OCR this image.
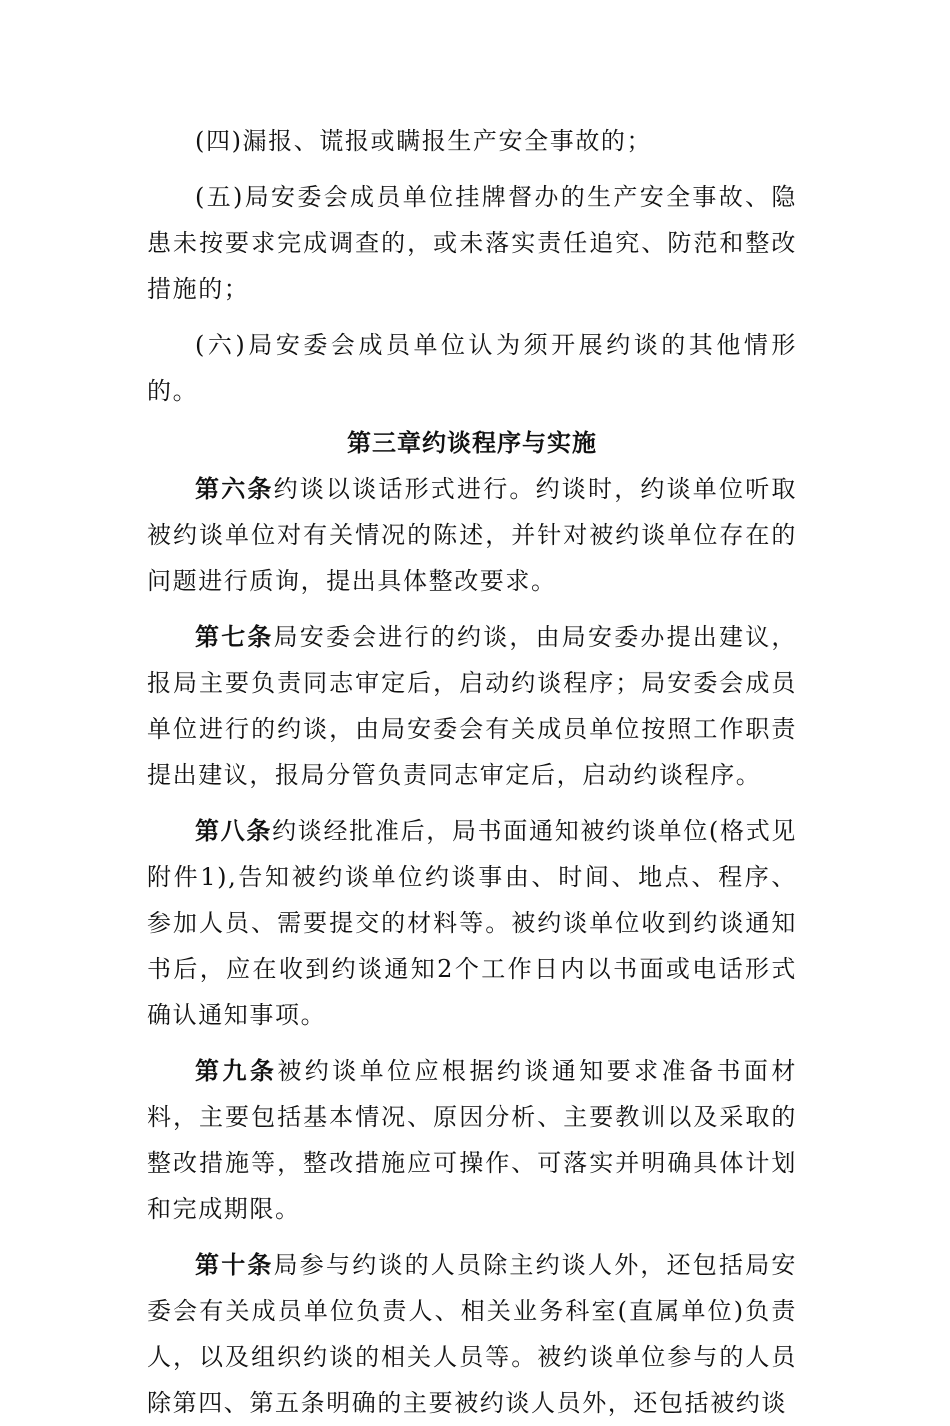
(四)漏报、谎报或瞒报生产安全事故的；

(五)局安委会成员单位挂牌督办的生产安全事故、隐患未按要求完成调查的，或未落实责任追究、防范和整改措施的；

(六)局安委会成员单位认为须开展约谈的其他情形的。

第三章约谈程序与实施

第六条约谈以谈话形式进行。约谈时，约谈单位听取被约谈单位对有关情况的陈述，并针对被约谈单位存在的问题进行质询，提出具体整改要求。

第七条局安委会进行的约谈，由局安委办提出建议，报局主要负责同志审定后，启动约谈程序；局安委会成员单位进行的约谈，由局安委会有关成员单位按照工作职责提出建议，报局分管负责同志审定后，启动约谈程序。

第八条约谈经批准后，局书面通知被约谈单位(格式见附件1),告知被约谈单位约谈事由、时间、地点、程序、参加人员、需要提交的材料等。被约谈单位收到约谈通知书后，应在收到约谈通知2个工作日内以书面或电话形式确认通知事项。

第九条被约谈单位应根据约谈通知要求准备书面材料，主要包括基本情况、原因分析、主要教训以及采取的整改措施等，整改措施应可操作、可落实并明确具体计划和完成期限。

第十条局参与约谈的人员除主约谈人外，还包括局安委会有关成员单位负责人、相关业务科室(直属单位)负责人，以及组织约谈的相关人员等。被约谈单位参与的人员除第四、第五条明确的主要被约谈人员外，还包括被约谈
